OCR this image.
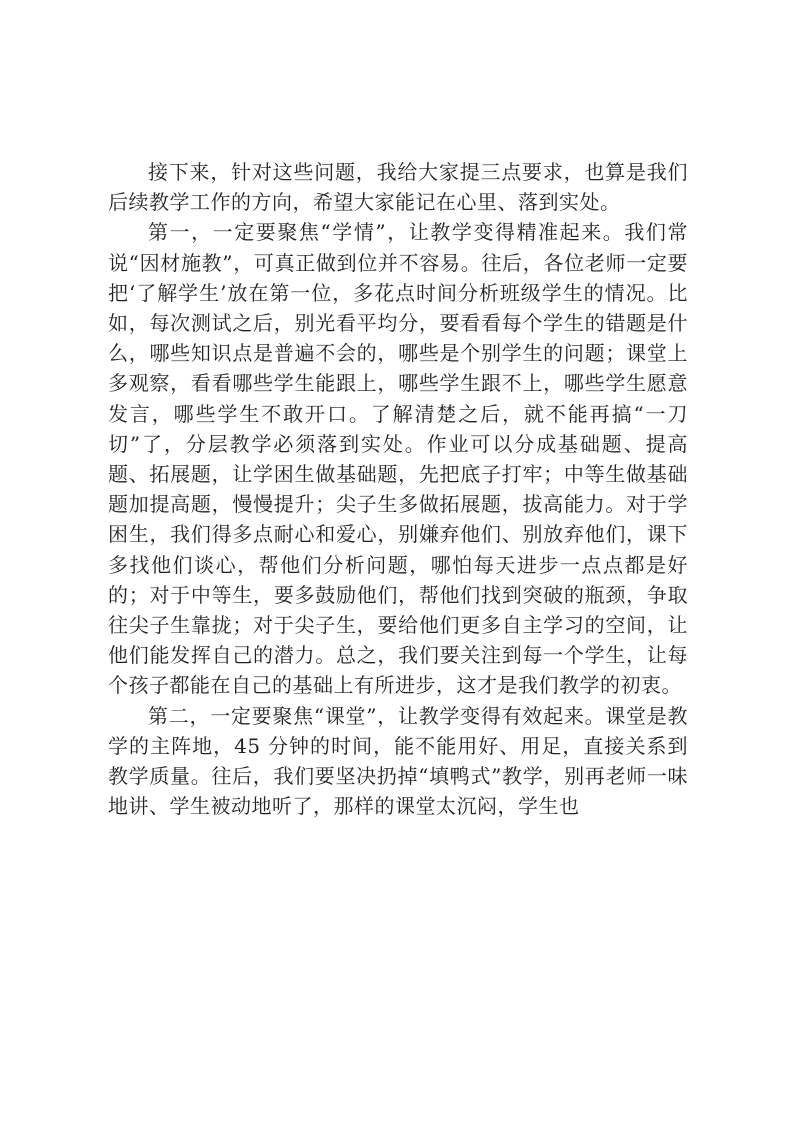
接下来，针对这些问题，我给大家提三点要求，也算是我们后续教学工作的方向，希望大家能记在心里、落到实处。

第一，一定要聚焦“学情”，让教学变得精准起来。我们常说“因材施教”，可真正做到位并不容易。往后，各位老师一定要把‘了解学生’放在第一位，多花点时间分析班级学生的情况。比如，每次测试之后，别光看平均分，要看看每个学生的错题是什么，哪些知识点是普遍不会的，哪些是个别学生的问题；课堂上多观察，看看哪些学生能跟上，哪些学生跟不上，哪些学生愿意发言，哪些学生不敢开口。了解清楚之后，就不能再搞“一刀切”了，分层教学必须落到实处。作业可以分成基础题、提高题、拓展题，让学困生做基础题，先把底子打牢；中等生做基础题加提高题，慢慢提升；尖子生多做拓展题，拔高能力。对于学困生，我们得多点耐心和爱心，别嫌弃他们、别放弃他们，课下多找他们谈心，帮他们分析问题，哪怕每天进步一点点都是好的；对于中等生，要多鼓励他们，帮他们找到突破的瓶颈，争取往尖子生靠拢；对于尖子生，要给他们更多自主学习的空间，让他们能发挥自己的潜力。总之，我们要关注到每一个学生，让每个孩子都能在自己的基础上有所进步，这才是我们教学的初衷。

第二，一定要聚焦“课堂”，让教学变得有效起来。课堂是教学的主阵地，45 分钟的时间，能不能用好、用足，直接关系到教学质量。往后，我们要坚决扔掉“填鸭式”教学，别再老师一味地讲、学生被动地听了，那样的课堂太沉闷，学生也
